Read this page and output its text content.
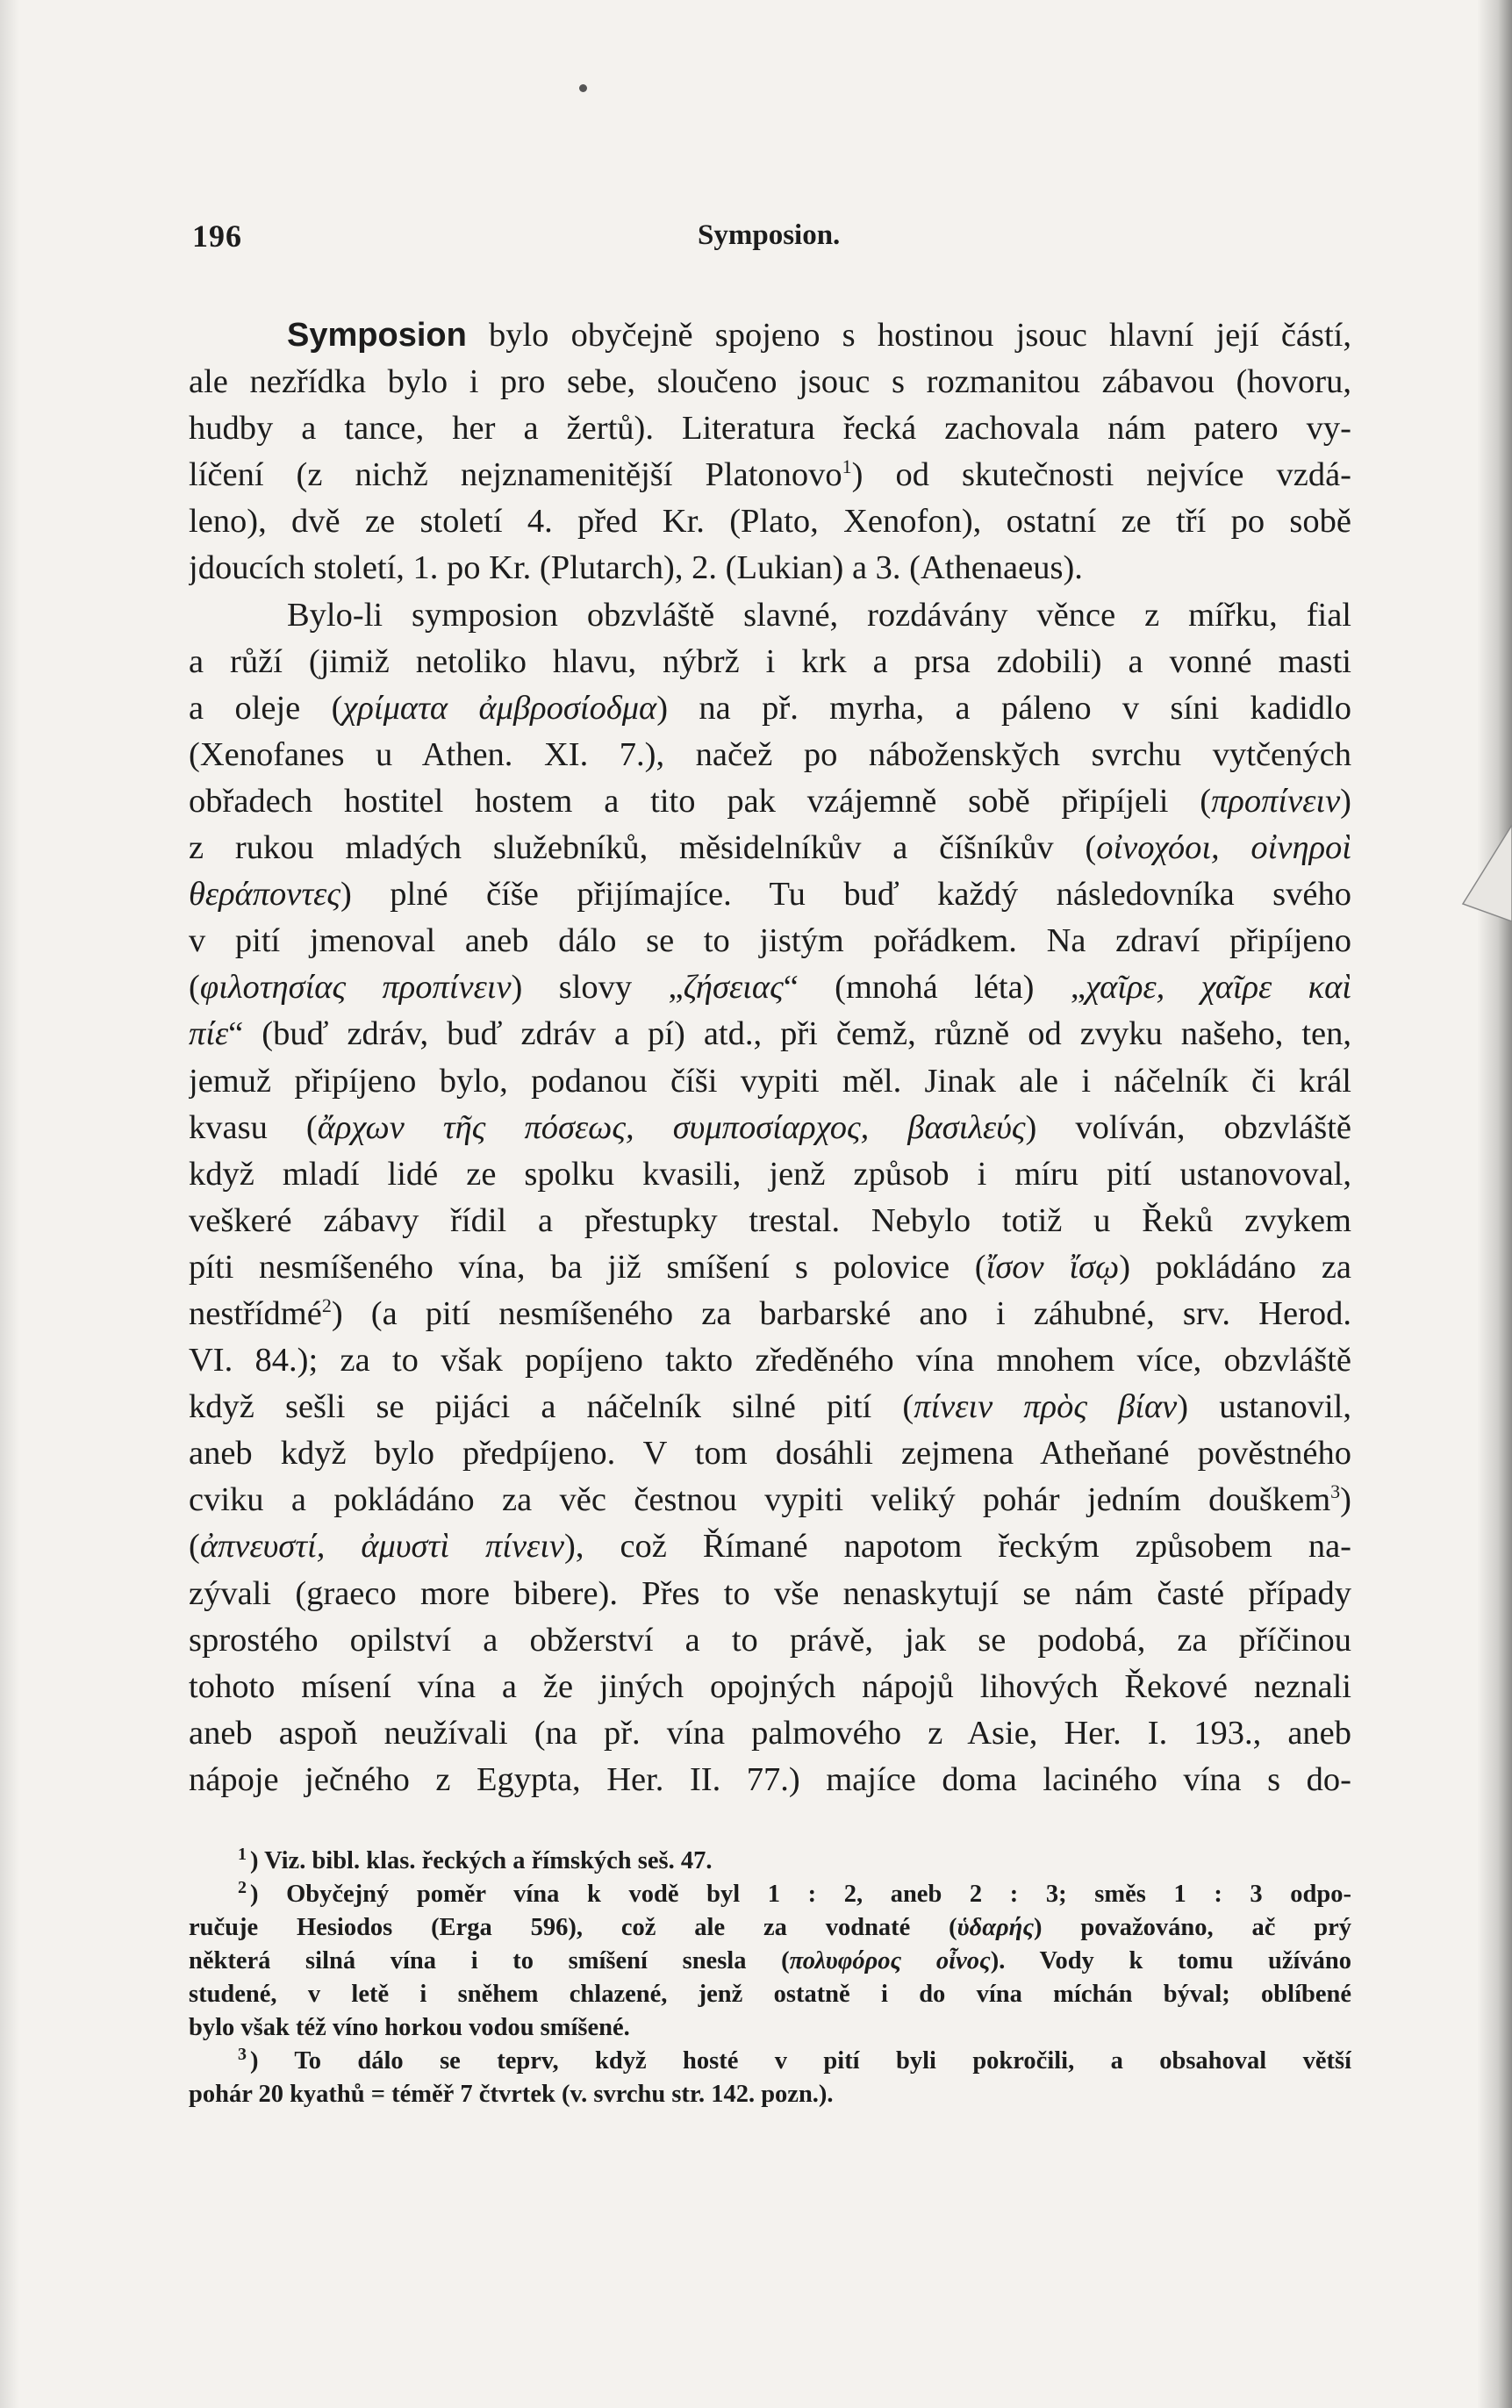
196	Symposion.
Symposion bylo obyčejně spojeno s hostinou jsouc hlavní její částí,
ale nezřídka bylo i pro sebe, sloučeno jsouc s rozmanitou zábavou (hovoru,
hudby a tance, her a žertů). Literatura řecká zachovala nám patero vy-
líčení (z nichž nejznamenitější Platonovo$^1$) od skutečnosti nejvíce vzdá-
leno), dvě ze století 4. před Kr. (Plato, Xenofon), ostatní ze tří po sobě
jdoucích století, 1. po Kr. (Plutarch), 2. (Lukian) a 3. (Athenaeus).
Bylo-li symposion obzvláště slavné, rozdávány věnce z mířku, fial
a růží (jimiž netoliko hlavu, nýbrž i krk a prsa zdobili) a vonné masti
a oleje (χρίματα ἀμβροσίοδμα) na př. myrha, a páleno v síni kadidlo
(Xenofanes u Athen. XI. 7.), načež po nábožensky̆ch svrchu vytčených
obřadech hostitel hostem a tito pak vzájemně sobě připíjeli (προπίνειν)
z rukou mladých služebníků, měsidelníkův a číšníkův (οἰνοχόοι, οἰνηροὶ
θεράποντες) plné číše přijímajíce. Tu buď každý následovníka svého
v pití jmenoval aneb dálo se to jistým pořádkem. Na zdraví připíjeno
(φιλοτησίας προπίνειν) slovy „ζήσειας“ (mnohá léta) „χαῖρε, χαῖρε καὶ
πίε“ (buď zdráv, buď zdráv a pí) atd., při čemž, různě od zvyku našeho, ten,
jemuž připíjeno bylo, podanou číši vypiti měl. Jinak ale i náčelník či král
kvasu (ἄρχων τῆς πόσεως, συμποσίαρχος, βασιλεύς) volíván, obzvláště
když mladí lidé ze spolku kvasili, jenž způsob i míru pití ustanovoval,
veškeré zábavy řídil a přestupky trestal. Nebylo totiž u Řeků zvykem
píti nesmíšeného vína, ba již smíšení s polovice (ἴσον ἴσῳ) pokládáno za
nestřídmé$^2$) (a pití nesmíšeného za barbarské ano i záhubné, srv. Herod.
VI. 84.); za to však popíjeno takto zředěného vína mnohem více, obzvláště
když sešli se pijáci a náčelník silné pití (πίνειν πρὸς βίαν) ustanovil,
aneb když bylo předpíjeno. V tom dosáhli zejmena Atheňané pověstného
cviku a pokládáno za věc čestnou vypiti veliký pohár jedním douškem$^3$)
(ἀπνευστί, ἀμυστὶ πίνειν), což Římané napotom řeckým způsobem na-
zývali (graeco more bibere). Přes to vše nenaskytují se nám časté případy
sprostého opilství a obžerství a to právě, jak se podobá, za příčinou
tohoto mísení vína a že jiných opojných nápojů lihových Řekové neznali
aneb aspoň neužívali (na př. vína palmového z Asie, Her. I. 193., aneb
nápoje ječného z Egypta, Her. II. 77.) majíce doma laciného vína s do-
$^1$ ) Viz. bibl. klas. řeckých a římských seš. 47.
$^2$ ) Obyčejný poměr vína k vodě byl 1 : 2, aneb 2 : 3; směs 1 : 3 odpo-
ručuje Hesiodos (Erga 596), což ale za vodnaté (ὑδαρής) považováno, ač prý
některá silná vína i to smíšení snesla (πολυφόρος οἶνος). Vody k tomu užíváno
studené, v letě i sněhem chlazené, jenž ostatně i do vína míchán býval; oblíbené
bylo však též víno horkou vodou smíšené.
$^3$ ) To dálo se teprv, když hosté v pití byli pokročili, a obsahoval větší
pohár 20 kyathů = téměř 7 čtvrtek (v. svrchu str. 142. pozn.).
